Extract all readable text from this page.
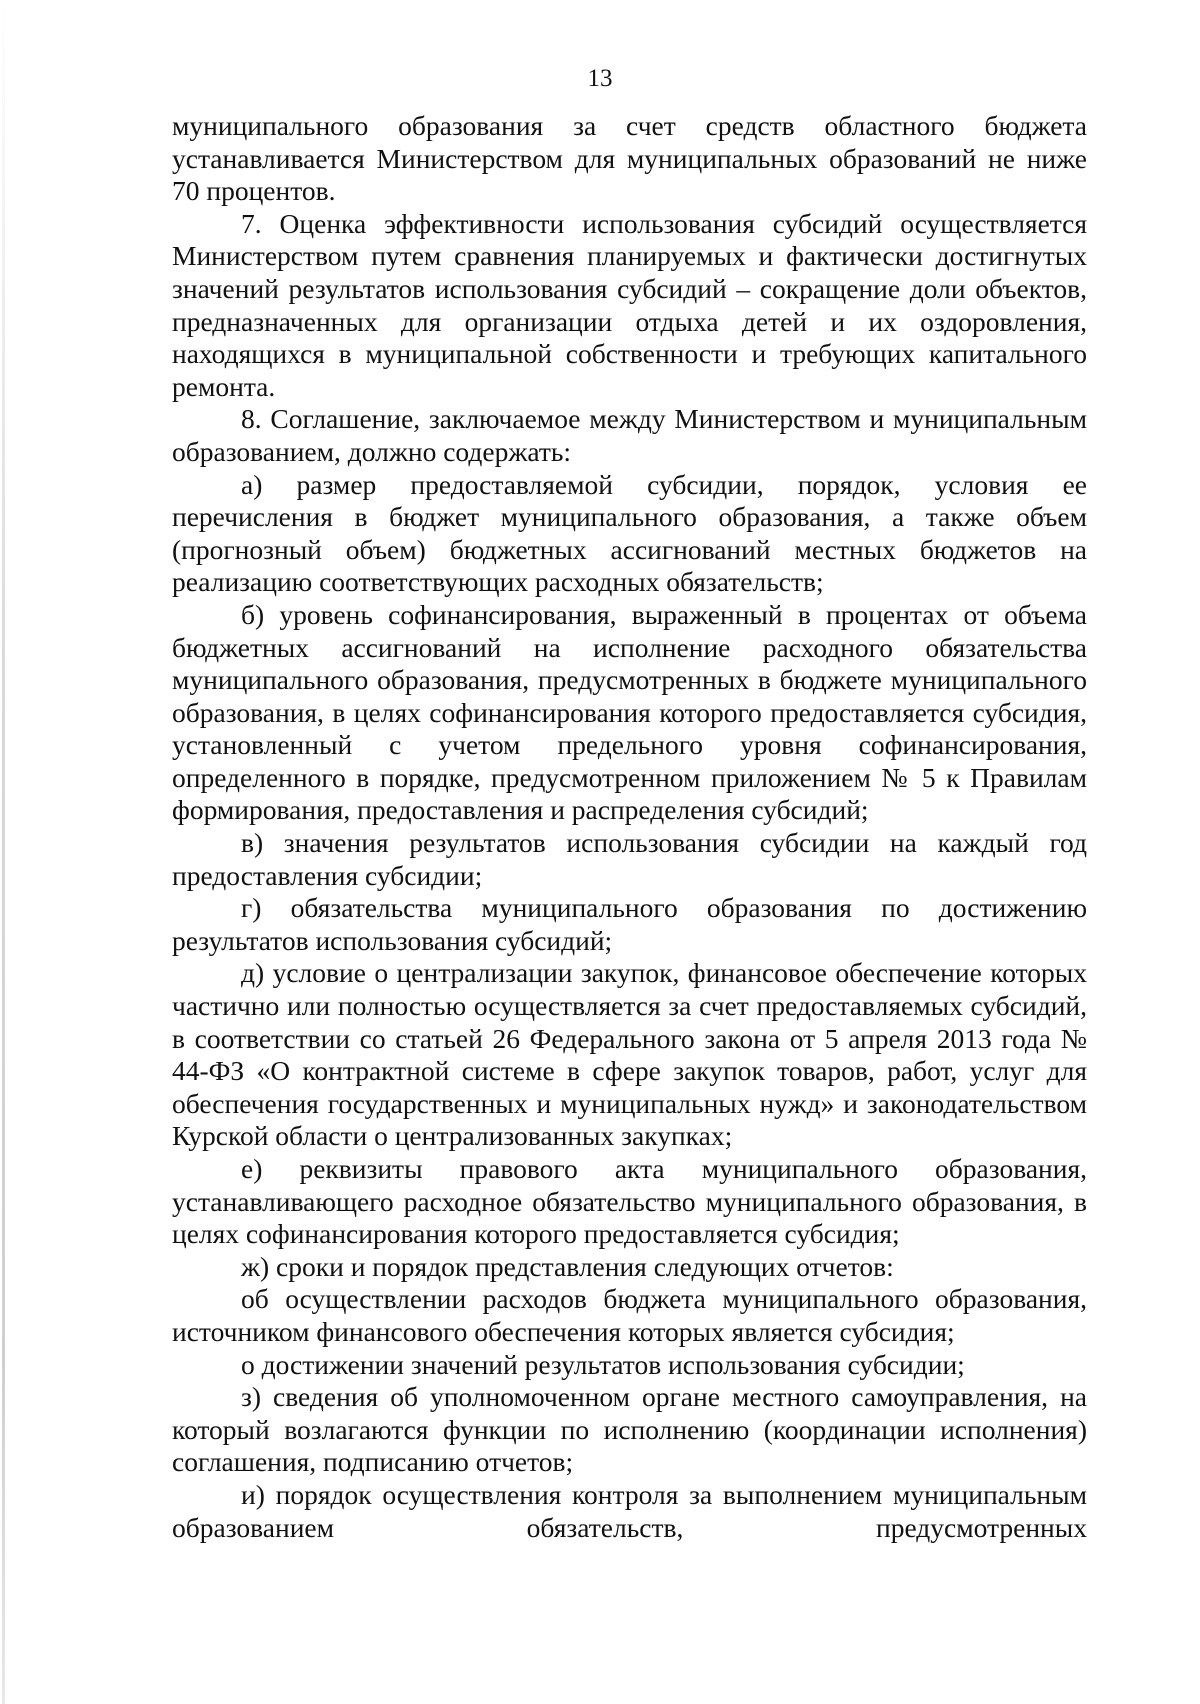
13

муниципального образования за счет средств областного бюджета устанавливается Министерством для муниципальных образований не ниже 70 процентов.

7. Оценка эффективности использования субсидий осуществляется Министерством путем сравнения планируемых и фактически достигнутых значений результатов использования субсидий – сокращение доли объектов, предназначенных для организации отдыха детей и их оздоровления, находящихся в муниципальной собственности и требующих капитального ремонта.

8. Соглашение, заключаемое между Министерством и муниципальным образованием, должно содержать:

а) размер предоставляемой субсидии, порядок, условия ее перечисления в бюджет муниципального образования, а также объем (прогнозный объем) бюджетных ассигнований местных бюджетов на реализацию соответствующих расходных обязательств;

б) уровень софинансирования, выраженный в процентах от объема бюджетных ассигнований на исполнение расходного обязательства муниципального образования, предусмотренных в бюджете муниципального образования, в целях софинансирования которого предоставляется субсидия, установленный с учетом предельного уровня софинансирования, определенного в порядке, предусмотренном приложением № 5 к Правилам формирования, предоставления и распределения субсидий;

в) значения результатов использования субсидии на каждый год предоставления субсидии;

г) обязательства муниципального образования по достижению результатов использования субсидий;

д) условие о централизации закупок, финансовое обеспечение которых частично или полностью осуществляется за счет предоставляемых субсидий, в соответствии со статьей 26 Федерального закона от 5 апреля 2013 года № 44-ФЗ «О контрактной системе в сфере закупок товаров, работ, услуг для обеспечения государственных и муниципальных нужд» и законодательством Курской области о централизованных закупках;

е) реквизиты правового акта муниципального образования, устанавливающего расходное обязательство муниципального образования, в целях софинансирования которого предоставляется субсидия;

ж) сроки и порядок представления следующих отчетов:

об осуществлении расходов бюджета муниципального образования, источником финансового обеспечения которых является субсидия;

о достижении значений результатов использования субсидии;

з) сведения об уполномоченном органе местного самоуправления, на который возлагаются функции по исполнению (координации исполнения) соглашения, подписанию отчетов;

и) порядок осуществления контроля за выполнением муниципальным образованием обязательств, предусмотренных
